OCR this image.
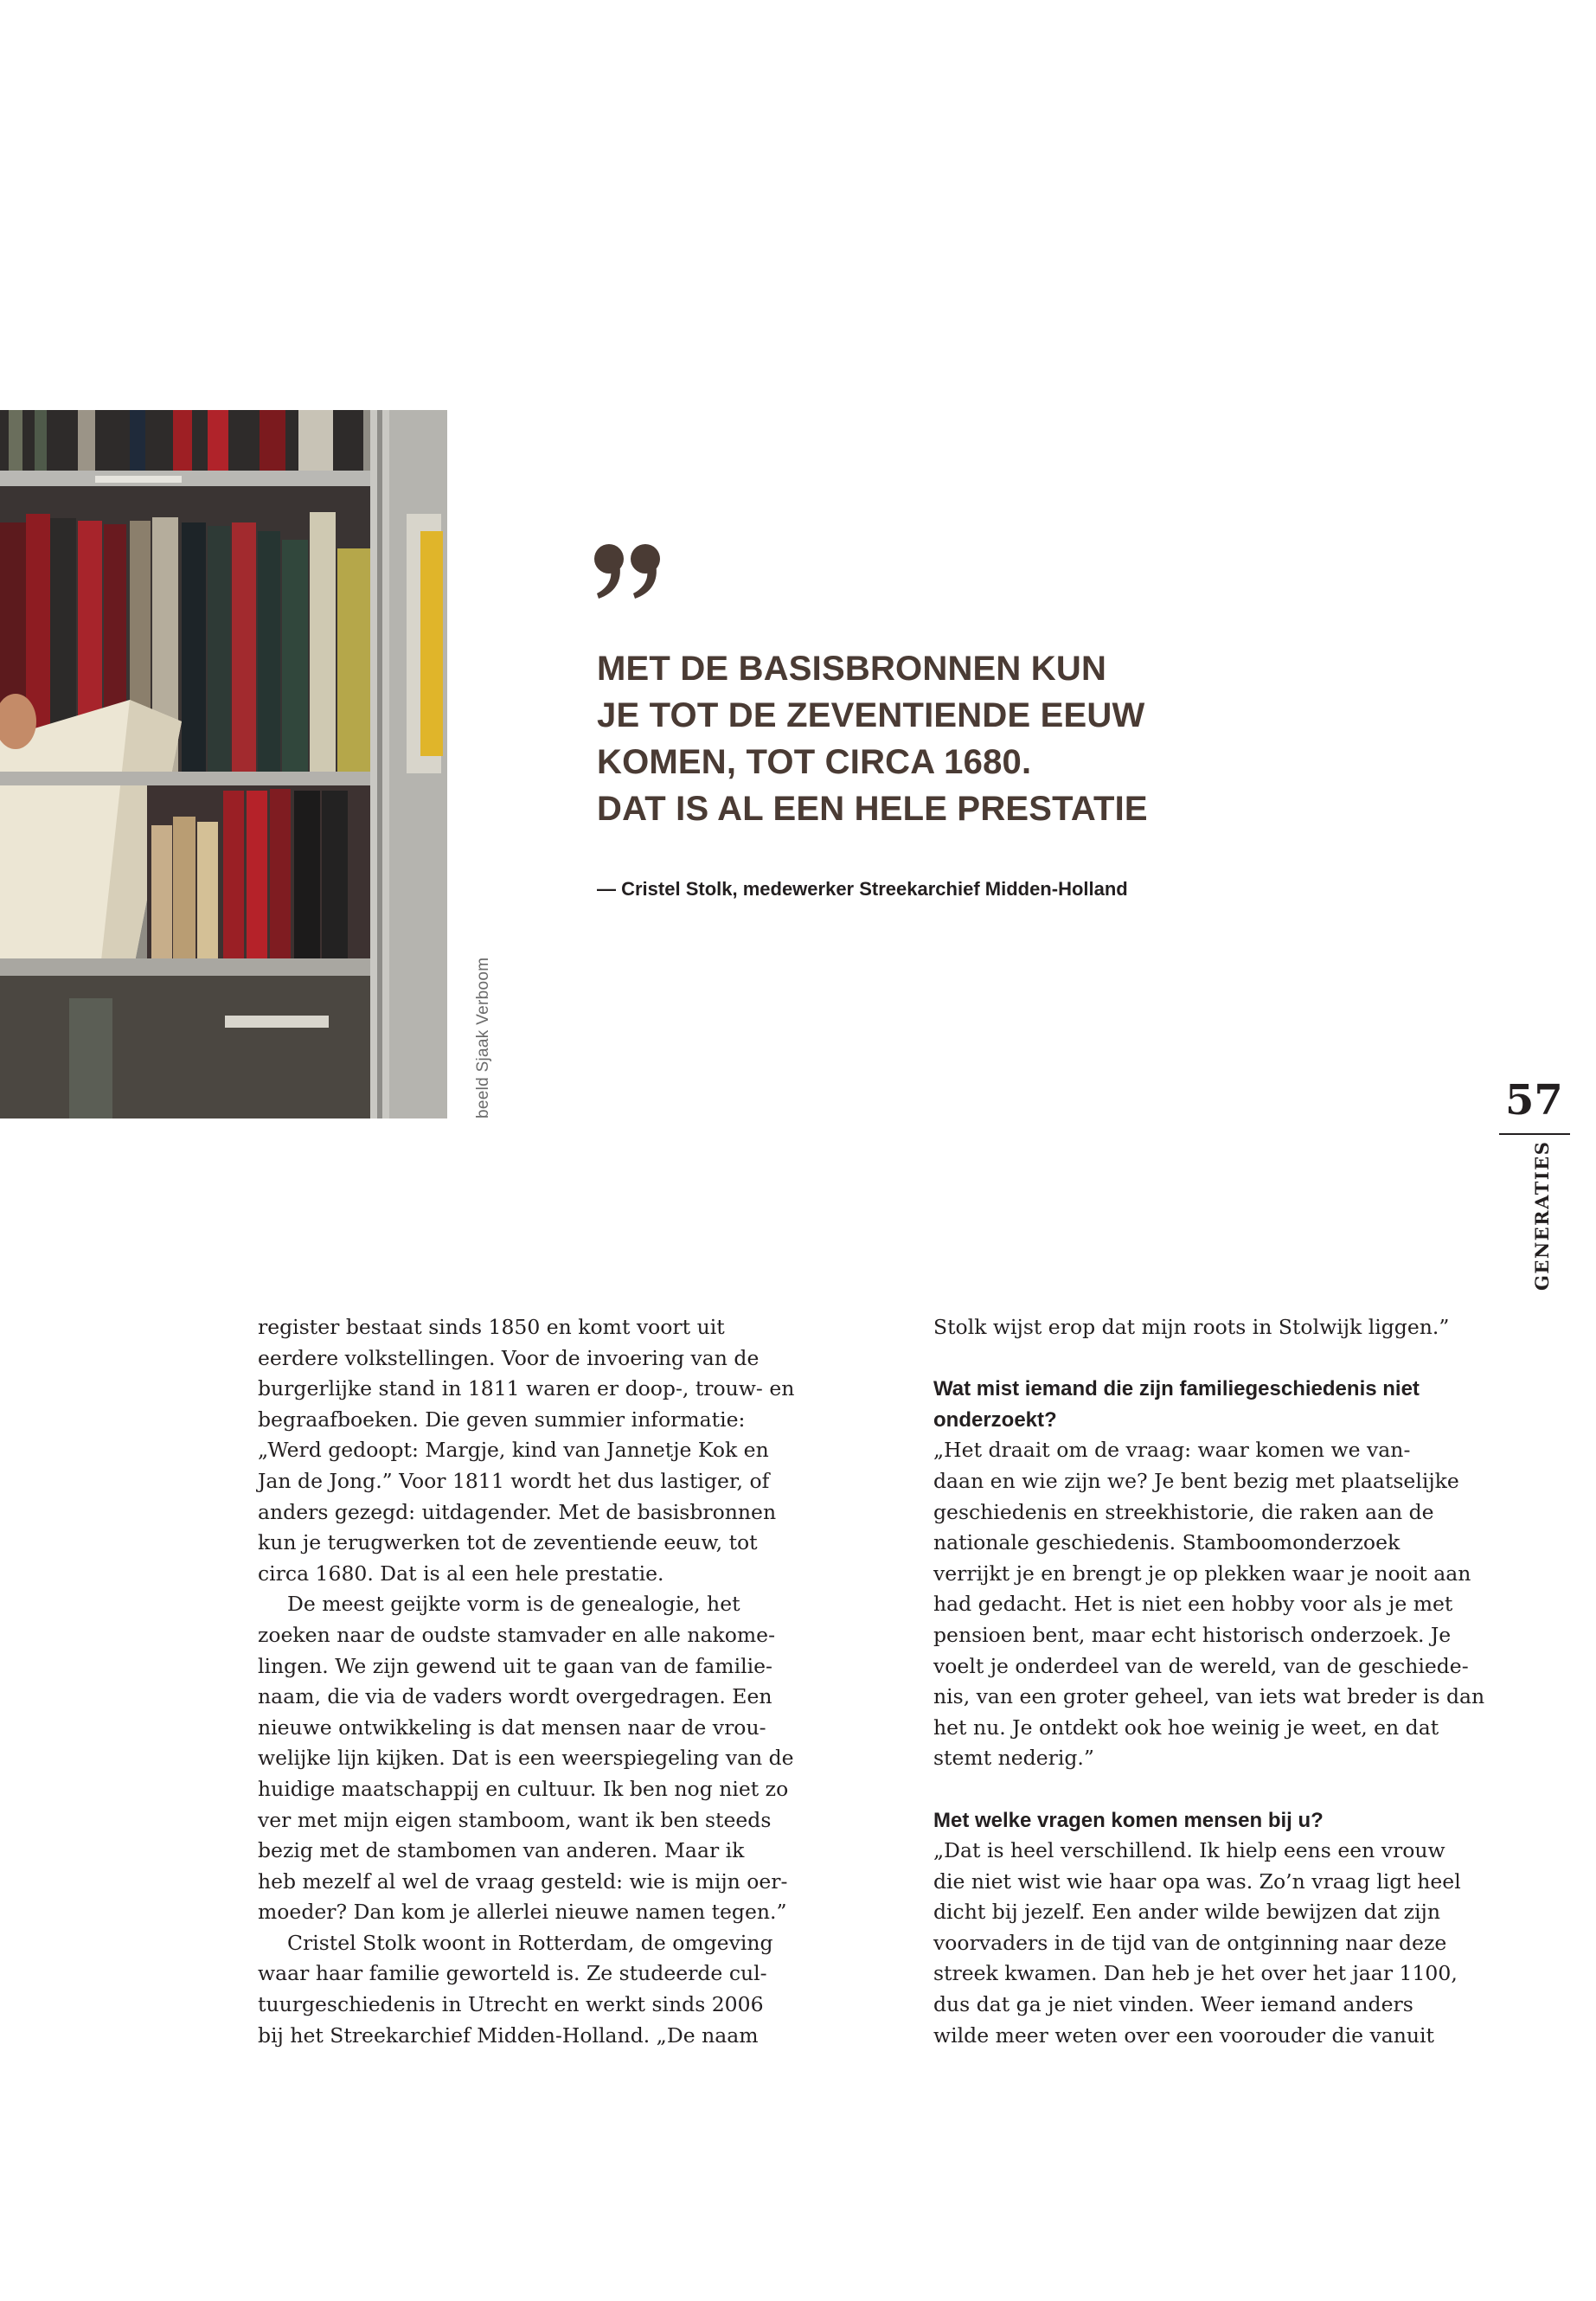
beeld Sjaak Verboom
MET DE BASISBRONNEN KUN
JE TOT DE ZEVENTIENDE EEUW
KOMEN, TOT CIRCA 1680.
DAT IS AL EEN HELE PRESTATIE
— Cristel Stolk, medewerker Streekarchief Midden-Holland
57
GENERATIES
register bestaat sinds 1850 en komt voort uit
eerdere volkstellingen. Voor de invoering van de
burgerlijke stand in 1811 waren er doop-, trouw- en
begraafboeken. Die geven summier informatie:
„Werd gedoopt: Margje, kind van Jannetje Kok en
Jan de Jong.” Voor 1811 wordt het dus lastiger, of
anders gezegd: uitdagender. Met de basisbronnen
kun je terugwerken tot de zeventiende eeuw, tot
circa 1680. Dat is al een hele prestatie.
De meest geijkte vorm is de genealogie, het
zoeken naar de oudste stamvader en alle nakome-
lingen. We zijn gewend uit te gaan van de familie-
naam, die via de vaders wordt overgedragen. Een
nieuwe ontwikkeling is dat mensen naar de vrou-
welijke lijn kijken. Dat is een weerspiegeling van de
huidige maatschappij en cultuur. Ik ben nog niet zo
ver met mijn eigen stamboom, want ik ben steeds
bezig met de stambomen van anderen. Maar ik
heb mezelf al wel de vraag gesteld: wie is mijn oer-
moeder? Dan kom je allerlei nieuwe namen tegen.”
Cristel Stolk woont in Rotterdam, de omgeving
waar haar familie geworteld is. Ze studeerde cul-
tuurgeschiedenis in Utrecht en werkt sinds 2006
bij het Streekarchief Midden-Holland. „De naam
Stolk wijst erop dat mijn roots in Stolwijk liggen.”
Wat mist iemand die zijn familiegeschiedenis niet
onderzoekt?
„Het draait om de vraag: waar komen we van-
daan en wie zijn we? Je bent bezig met plaatselijke
geschiedenis en streekhistorie, die raken aan de
nationale geschiedenis. Stamboomonderzoek
verrijkt je en brengt je op plekken waar je nooit aan
had gedacht. Het is niet een hobby voor als je met
pensioen bent, maar echt historisch onderzoek. Je
voelt je onderdeel van de wereld, van de geschiede-
nis, van een groter geheel, van iets wat breder is dan
het nu. Je ontdekt ook hoe weinig je weet, en dat
stemt nederig.”
Met welke vragen komen mensen bij u?
„Dat is heel verschillend. Ik hielp eens een vrouw
die niet wist wie haar opa was. Zo’n vraag ligt heel
dicht bij jezelf. Een ander wilde bewijzen dat zijn
voorvaders in de tijd van de ontginning naar deze
streek kwamen. Dan heb je het over het jaar 1100,
dus dat ga je niet vinden. Weer iemand anders
wilde meer weten over een voorouder die vanuit
